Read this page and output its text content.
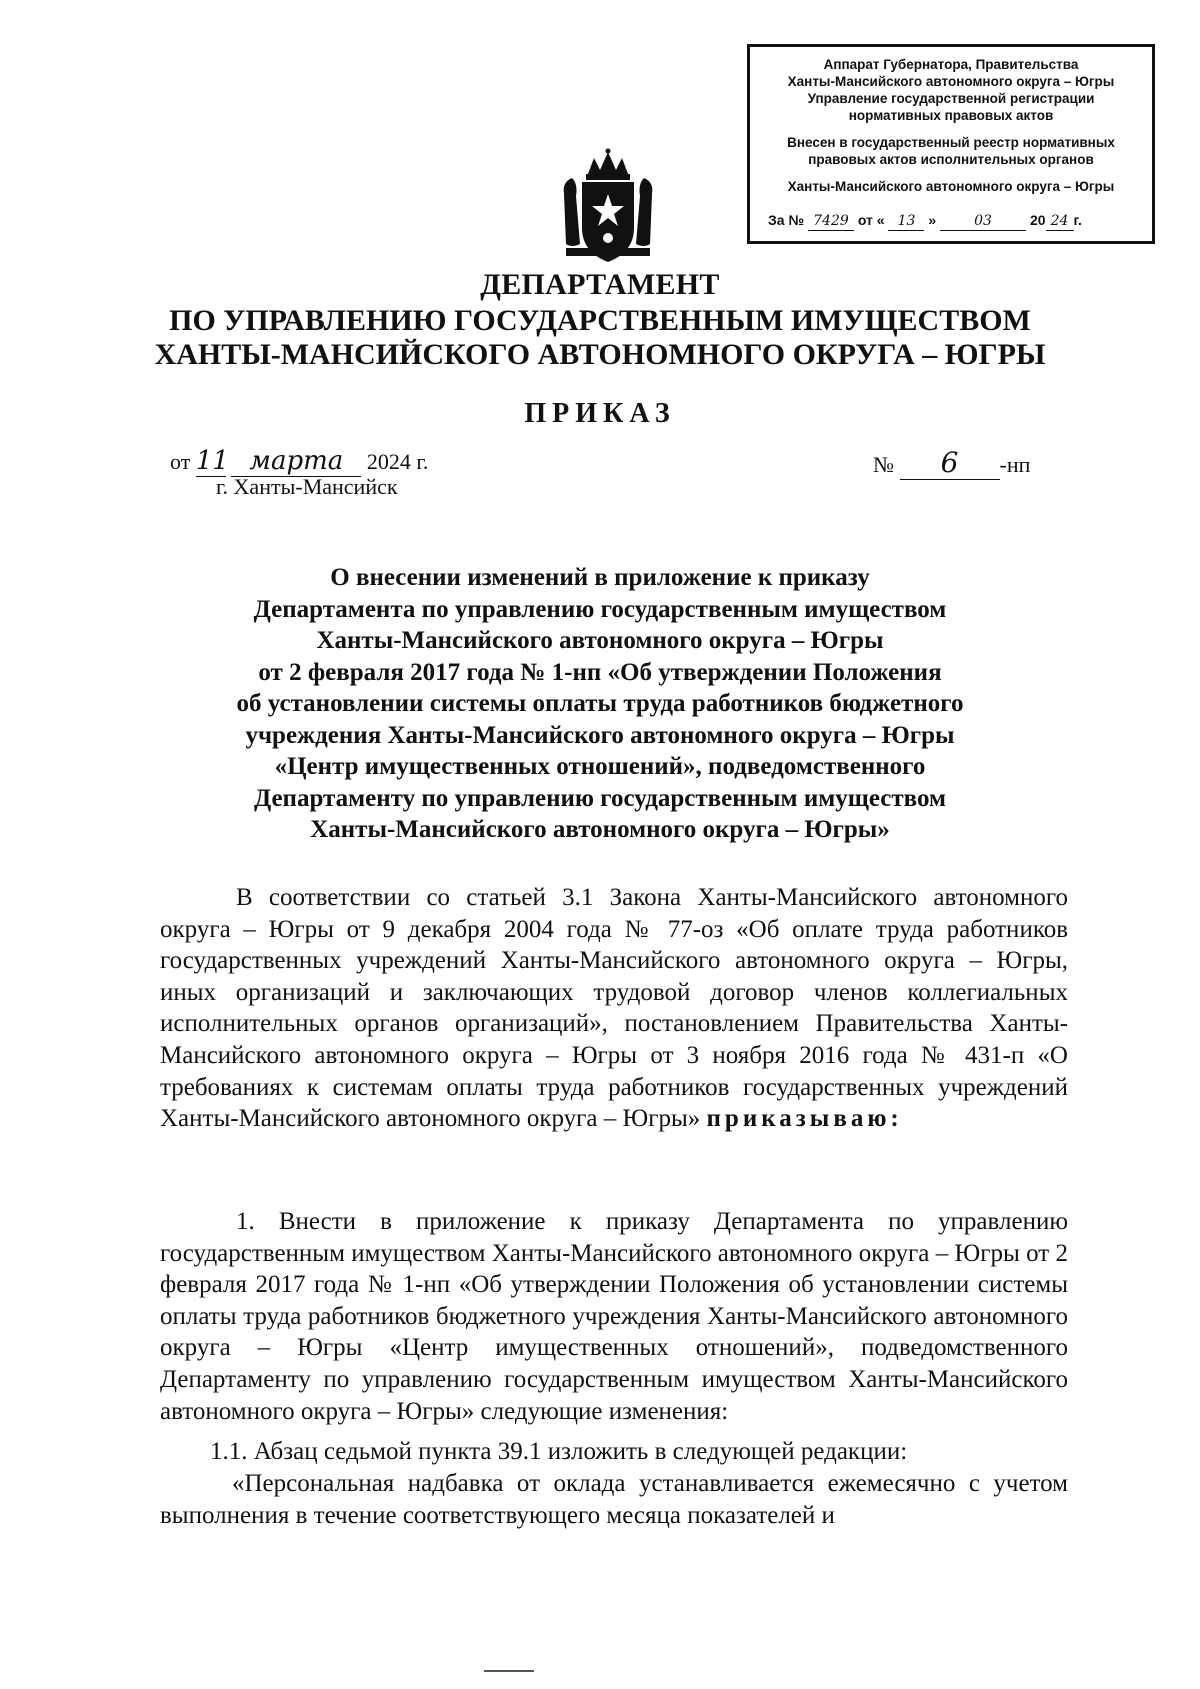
Аппарат Губернатора, Правительства
Ханты-Мансийского автономного округа – Югры
Управление государственной регистрации
нормативных правовых актов
Внесен в государственный реестр нормативных
правовых актов исполнительных органов
Ханты-Мансийского автономного округа – Югры
За № 7429 от « 13 »	03	20 24 г.
ДЕПАРТАМЕНТ
ПО УПРАВЛЕНИЮ ГОСУДАРСТВЕННЫМ ИМУЩЕСТВОМ
ХАНТЫ-МАНСИЙСКОГО АВТОНОМНОГО ОКРУГА – ЮГРЫ
ПРИКАЗ
от 11 марта 2024 г.
г. Ханты-Мансийск
№ 6 -нп
О внесении изменений в приложение к приказу
Департамента по управлению государственным имуществом
Ханты-Мансийского автономного округа – Югры
от 2 февраля 2017 года № 1-нп «Об утверждении Положения
об установлении системы оплаты труда работников бюджетного
учреждения Ханты-Мансийского автономного округа – Югры
«Центр имущественных отношений», подведомственного
Департаменту по управлению государственным имуществом
Ханты-Мансийского автономного округа – Югры»

В соответствии со статьей 3.1 Закона Ханты-Мансийского автономного округа – Югры от 9 декабря 2004 года № 77-оз «Об оплате труда работников государственных учреждений Ханты-Мансийского автономного округа – Югры, иных организаций и заключающих трудовой договор членов коллегиальных исполнительных органов организаций», постановлением Правительства Ханты-Мансийского автономного округа – Югры от 3 ноября 2016 года № 431-п «О требованиях к системам оплаты труда работников государственных учреждений Ханты-Мансийского автономного округа – Югры» приказываю:

1. Внести в приложение к приказу Департамента по управлению государственным имуществом Ханты-Мансийского автономного округа – Югры от 2 февраля 2017 года № 1-нп «Об утверждении Положения об установлении системы оплаты труда работников бюджетного учреждения Ханты-Мансийского автономного округа – Югры «Центр имущественных отношений», подведомственного Департаменту по управлению государственным имуществом Ханты-Мансийского автономного округа – Югры» следующие изменения:

1.1. Абзац седьмой пункта 39.1 изложить в следующей редакции:

«Персональная надбавка от оклада устанавливается ежемесячно с учетом выполнения в течение соответствующего месяца показателей и
